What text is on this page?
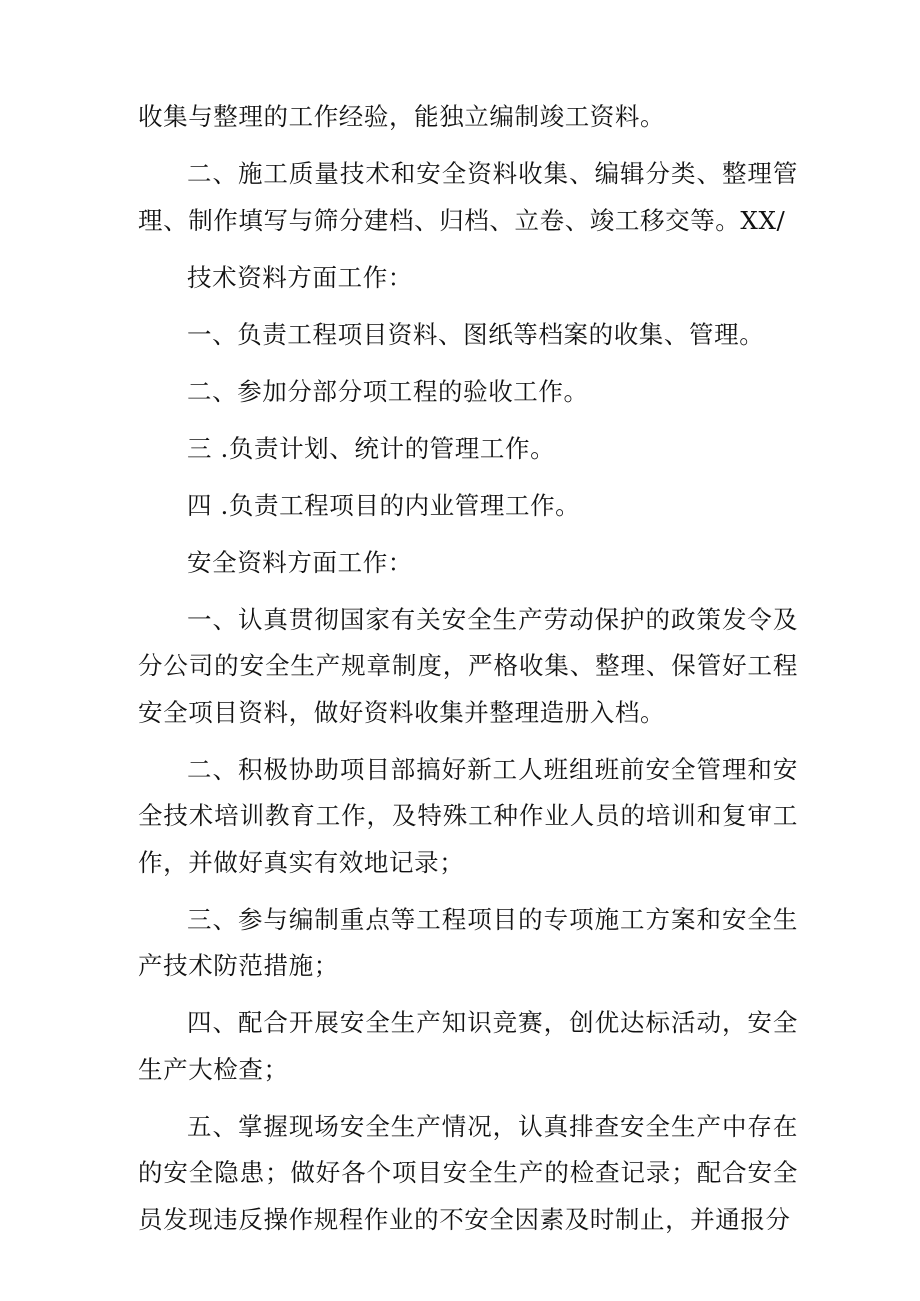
收集与整理的工作经验，能独立编制竣工资料。

二、施工质量技术和安全资料收集、编辑分类、整理管理、制作填写与筛分建档、归档、立卷、竣工移交等。XX/

技术资料方面工作：

一、负责工程项目资料、图纸等档案的收集、管理。

二、参加分部分项工程的验收工作。

三 .负责计划、统计的管理工作。

四 .负责工程项目的内业管理工作。

安全资料方面工作：

一、认真贯彻国家有关安全生产劳动保护的政策发令及分公司的安全生产规章制度，严格收集、整理、保管好工程安全项目资料，做好资料收集并整理造册入档。

二、积极协助项目部搞好新工人班组班前安全管理和安全技术培训教育工作，及特殊工种作业人员的培训和复审工作，并做好真实有效地记录；

三、参与编制重点等工程项目的专项施工方案和安全生产技术防范措施；

四、配合开展安全生产知识竞赛，创优达标活动，安全生产大检查；

五、掌握现场安全生产情况，认真排查安全生产中存在的安全隐患；做好各个项目安全生产的检查记录；配合安全员发现违反操作规程作业的不安全因素及时制止，并通报分
